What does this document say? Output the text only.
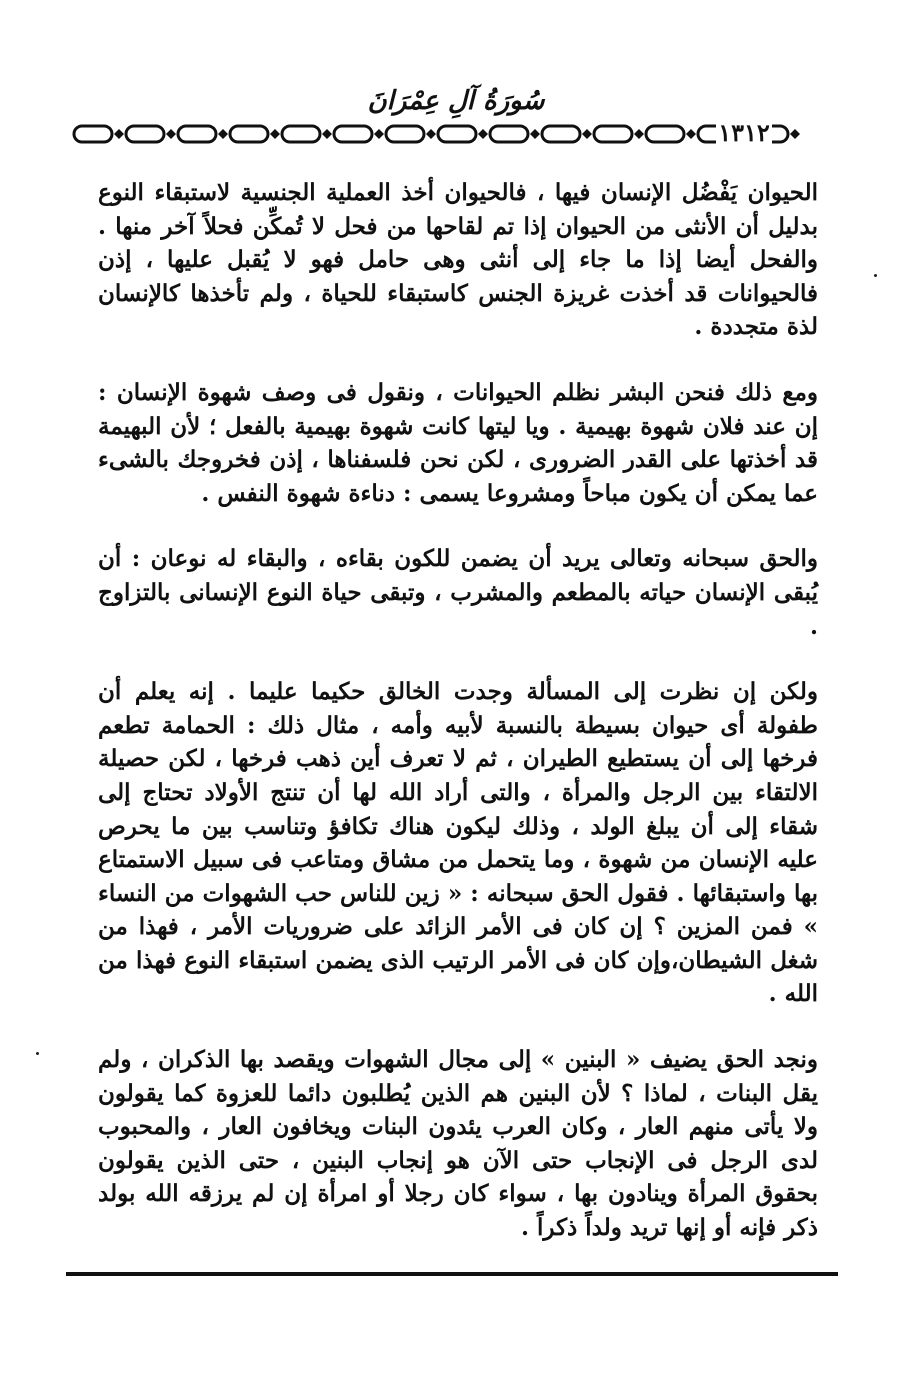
سُورَةُ آلِ عِمْرَانَ
١٣١٢

الحيوان يَفْضُل الإنسان فيها ، فالحيوان أخذ العملية الجنسية لاستبقاء النوع بدليل أن الأنثى من الحيوان إذا تم لقاحها من فحل لا تُمكِّن فحلاً آخر منها . والفحل أيضا إذا ما جاء إلى أنثى وهى حامل فهو لا يُقبل عليها ، إذن فالحيوانات قد أخذت غريزة الجنس كاستبقاء للحياة ، ولم تأخذها كالإنسان لذة متجددة .

ومع ذلك فنحن البشر نظلم الحيوانات ، ونقول فى وصف شهوة الإنسان : إن عند فلان شهوة بهيمية . ويا ليتها كانت شهوة بهيمية بالفعل ؛ لأن البهيمة قد أخذتها على القدر الضرورى ، لكن نحن فلسفناها ، إذن فخروجك بالشىء عما يمكن أن يكون مباحاً ومشروعا يسمى : دناءة شهوة النفس .

والحق سبحانه وتعالى يريد أن يضمن للكون بقاءه ، والبقاء له نوعان : أن يُبقى الإنسان حياته بالمطعم والمشرب ، وتبقى حياة النوع الإنسانى بالتزاوج .

ولكن إن نظرت إلى المسألة وجدت الخالق حكيما عليما . إنه يعلم أن طفولة أى حيوان بسيطة بالنسبة لأبيه وأمه ، مثال ذلك : الحمامة تطعم فرخها إلى أن يستطيع الطيران ، ثم لا تعرف أين ذهب فرخها ، لكن حصيلة الالتقاء بين الرجل والمرأة ، والتى أراد الله لها أن تنتج الأولاد تحتاج إلى شقاء إلى أن يبلغ الولد ، وذلك ليكون هناك تكافؤ وتناسب بين ما يحرص عليه الإنسان من شهوة ، وما يتحمل من مشاق ومتاعب فى سبيل الاستمتاع بها واستبقائها . فقول الحق سبحانه : « زين للناس حب الشهوات من النساء » فمن المزين ؟ إن كان فى الأمر الزائد على ضروريات الأمر ، فهذا من شغل الشيطان،وإن كان فى الأمر الرتيب الذى يضمن استبقاء النوع فهذا من الله .

ونجد الحق يضيف « البنين » إلى مجال الشهوات ويقصد بها الذكران ، ولم يقل البنات ، لماذا ؟ لأن البنين هم الذين يُطلبون دائما للعزوة كما يقولون ولا يأتى منهم العار ، وكان العرب يئدون البنات ويخافون العار ، والمحبوب لدى الرجل فى الإنجاب حتى الآن هو إنجاب البنين ، حتى الذين يقولون بحقوق المرأة وينادون بها ، سواء كان رجلا أو امرأة إن لم يرزقه الله بولد ذكر فإنه أو إنها تريد ولداً ذكراً .
